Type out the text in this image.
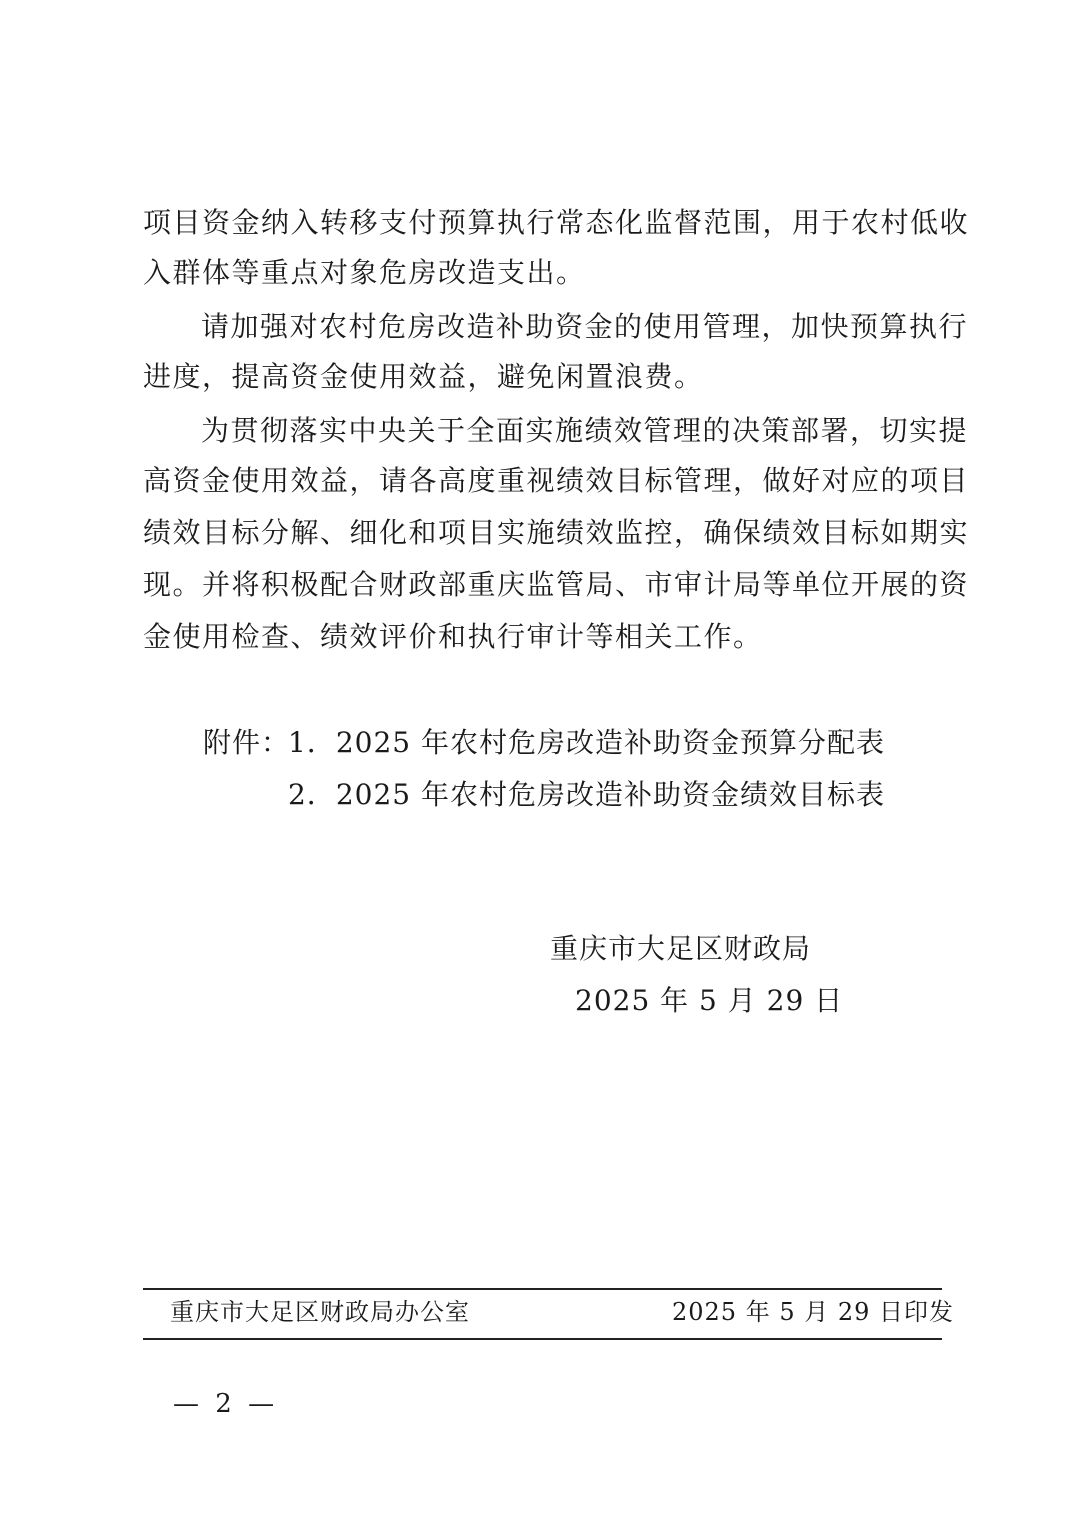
项目资金纳入转移支付预算执行常态化监督范围，用于农村低收
入群体等重点对象危房改造支出。
请加强对农村危房改造补助资金的使用管理，加快预算执行
进度，提高资金使用效益，避免闲置浪费。
为贯彻落实中央关于全面实施绩效管理的决策部署，切实提
高资金使用效益，请各高度重视绩效目标管理，做好对应的项目
绩效目标分解、细化和项目实施绩效监控，确保绩效目标如期实
现。并将积极配合财政部重庆监管局、市审计局等单位开展的资
金使用检查、绩效评价和执行审计等相关工作。
附件：
1．2025 年农村危房改造补助资金预算分配表
2．2025 年农村危房改造补助资金绩效目标表
重庆市大足区财政局
2025 年 5 月 29 日
重庆市大足区财政局办公室	2025 年 5 月 29 日印发
— 2 —
